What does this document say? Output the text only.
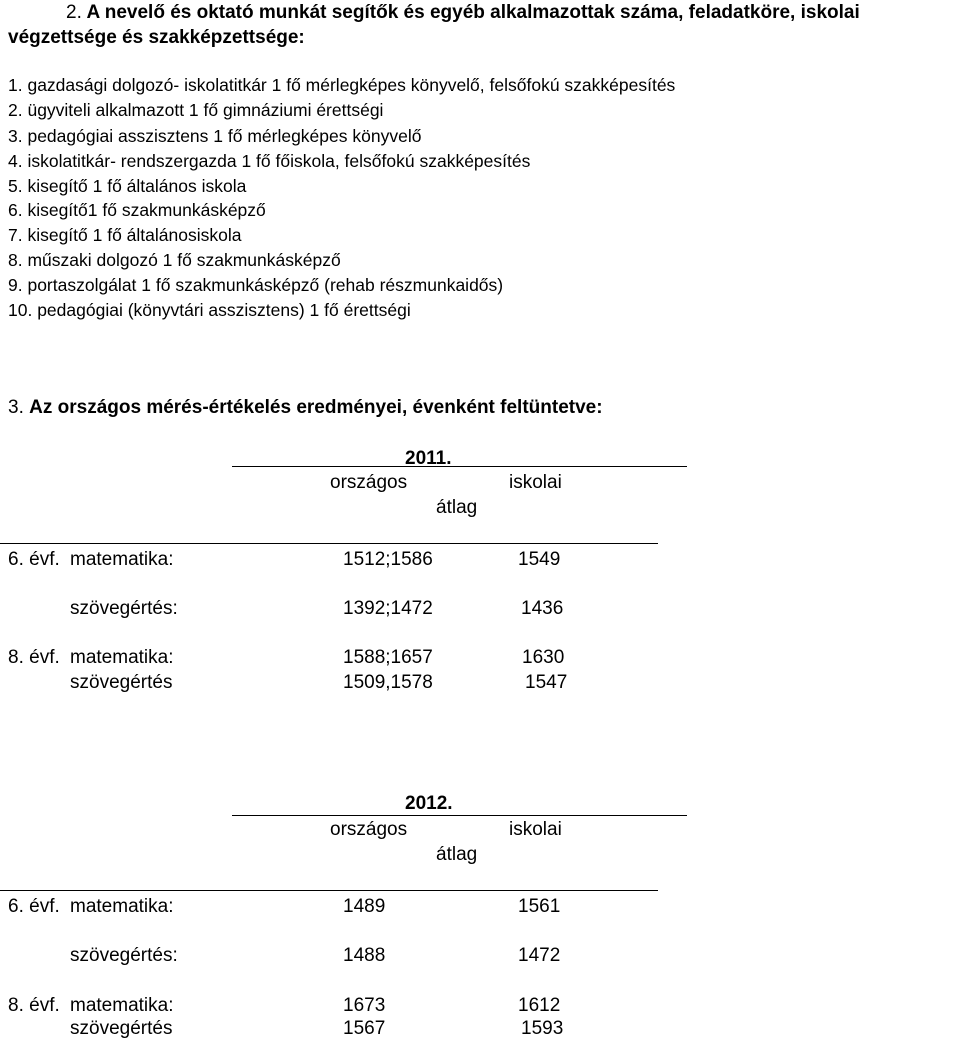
2. A nevelő és oktató munkát segítők és egyéb alkalmazottak száma, feladatköre, iskolai
végzettsége és szakképzettsége:
1. gazdasági dolgozó- iskolatitkár 1 fő mérlegképes könyvelő, felsőfokú szakképesítés
2. ügyviteli alkalmazott 1 fő gimnáziumi érettségi
3. pedagógiai asszisztens 1 fő mérlegképes könyvelő
4. iskolatitkár- rendszergazda 1 fő főiskola, felsőfokú szakképesítés
5. kisegítő 1 fő általános iskola
6. kisegítő1 fő szakmunkásképző
7. kisegítő 1 fő általánosiskola
8. műszaki dolgozó 1 fő szakmunkásképző
9. portaszolgálat 1 fő szakmunkásképző (rehab részmunkaidős)
10. pedagógiai (könyvtári asszisztens) 1 fő érettségi
3. Az országos mérés-értékelés eredményei, évenként feltüntetve:
2011.
országos	iskolai
átlag
6. évf. matematika:	1512;1586	1549
szövegértés:	1392;1472	1436
8. évf. matematika:	1588;1657	1630
szövegértés	1509,1578	1547
2012.
országos	iskolai
átlag
6. évf. matematika:	1489	1561
szövegértés:	1488	1472
8. évf. matematika:	1673	1612
szövegértés	1567	1593
